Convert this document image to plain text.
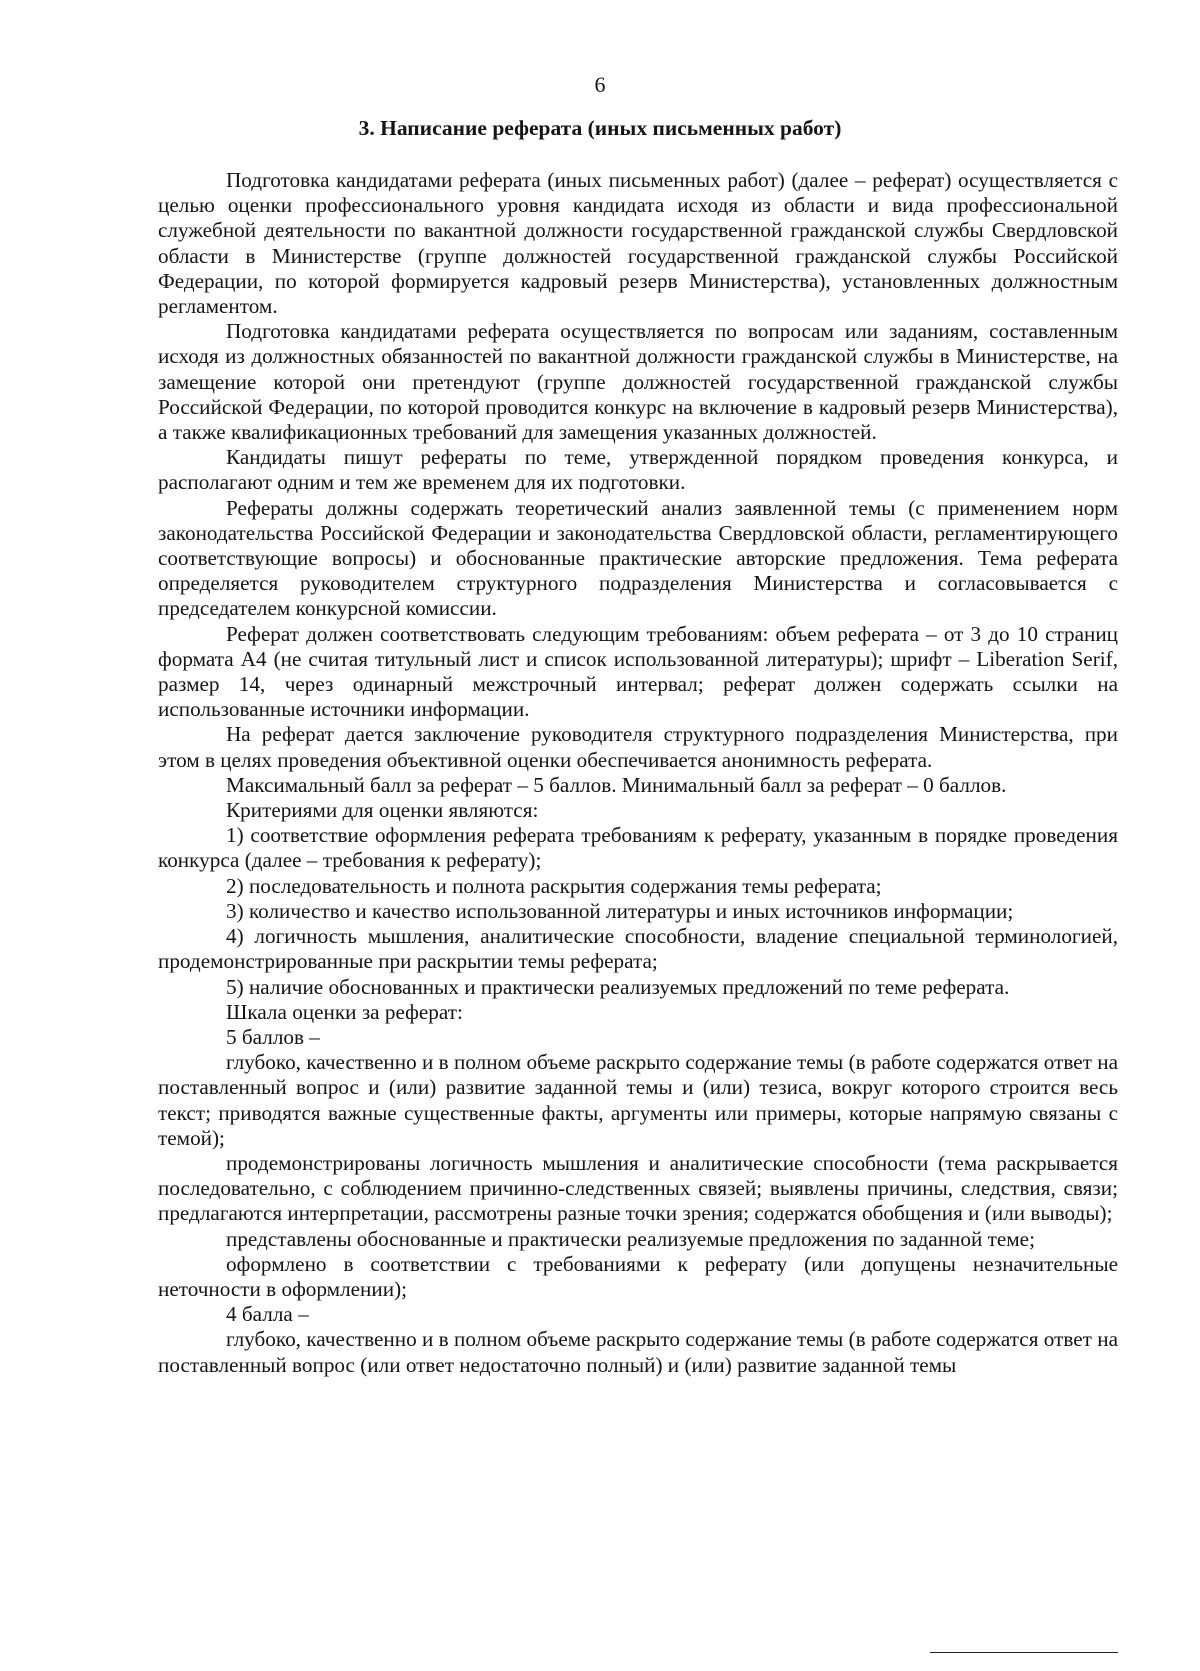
6
3. Написание реферата (иных письменных работ)

Подготовка кандидатами реферата (иных письменных работ) (далее – реферат) осуществляется с целью оценки профессионального уровня кандидата исходя из области и вида профессиональной служебной деятельности по вакантной должности государственной гражданской службы Свердловской области в Министерстве (группе должностей государственной гражданской службы Российской Федерации, по которой формируется кадровый резерв Министерства), установленных должностным регламентом.

Подготовка кандидатами реферата осуществляется по вопросам или заданиям, составленным исходя из должностных обязанностей по вакантной должности гражданской службы в Министерстве, на замещение которой они претендуют (группе должностей государственной гражданской службы Российской Федерации, по которой проводится конкурс на включение в кадровый резерв Министерства), а также квалификационных требований для замещения указанных должностей.

Кандидаты пишут рефераты по теме, утвержденной порядком проведения конкурса, и располагают одним и тем же временем для их подготовки.

Рефераты должны содержать теоретический анализ заявленной темы (с применением норм законодательства Российской Федерации и законодательства Свердловской области, регламентирующего соответствующие вопросы) и обоснованные практические авторские предложения. Тема реферата определяется руководителем структурного подразделения Министерства и согласовывается с председателем конкурсной комиссии.

Реферат должен соответствовать следующим требованиям: объем реферата – от 3 до 10 страниц формата А4 (не считая титульный лист и список использованной литературы); шрифт – Liberation Serif, размер 14, через одинарный межстрочный интервал; реферат должен содержать ссылки на использованные источники информации.

На реферат дается заключение руководителя структурного подразделения Министерства, при этом в целях проведения объективной оценки обеспечивается анонимность реферата.

Максимальный балл за реферат – 5 баллов. Минимальный балл за реферат – 0 баллов.

Критериями для оценки являются:

1) соответствие оформления реферата требованиям к реферату, указанным в порядке проведения конкурса (далее – требования к реферату);

2) последовательность и полнота раскрытия содержания темы реферата;

3) количество и качество использованной литературы и иных источников информации;

4) логичность мышления, аналитические способности, владение специальной терминологией, продемонстрированные при раскрытии темы реферата;

5) наличие обоснованных и практически реализуемых предложений по теме реферата.

Шкала оценки за реферат:

5 баллов –

глубоко, качественно и в полном объеме раскрыто содержание темы (в работе содержатся ответ на поставленный вопрос и (или) развитие заданной темы и (или) тезиса, вокруг которого строится весь текст; приводятся важные существенные факты, аргументы или примеры, которые напрямую связаны с темой);

продемонстрированы логичность мышления и аналитические способности (тема раскрывается последовательно, с соблюдением причинно-следственных связей; выявлены причины, следствия, связи; предлагаются интерпретации, рассмотрены разные точки зрения; содержатся обобщения и (или выводы);

представлены обоснованные и практически реализуемые предложения по заданной теме;

оформлено в соответствии с требованиями к реферату (или допущены незначительные неточности в оформлении);

4 балла –

глубоко, качественно и в полном объеме раскрыто содержание темы (в работе содержатся ответ на поставленный вопрос (или ответ недостаточно полный) и (или) развитие заданной темы
